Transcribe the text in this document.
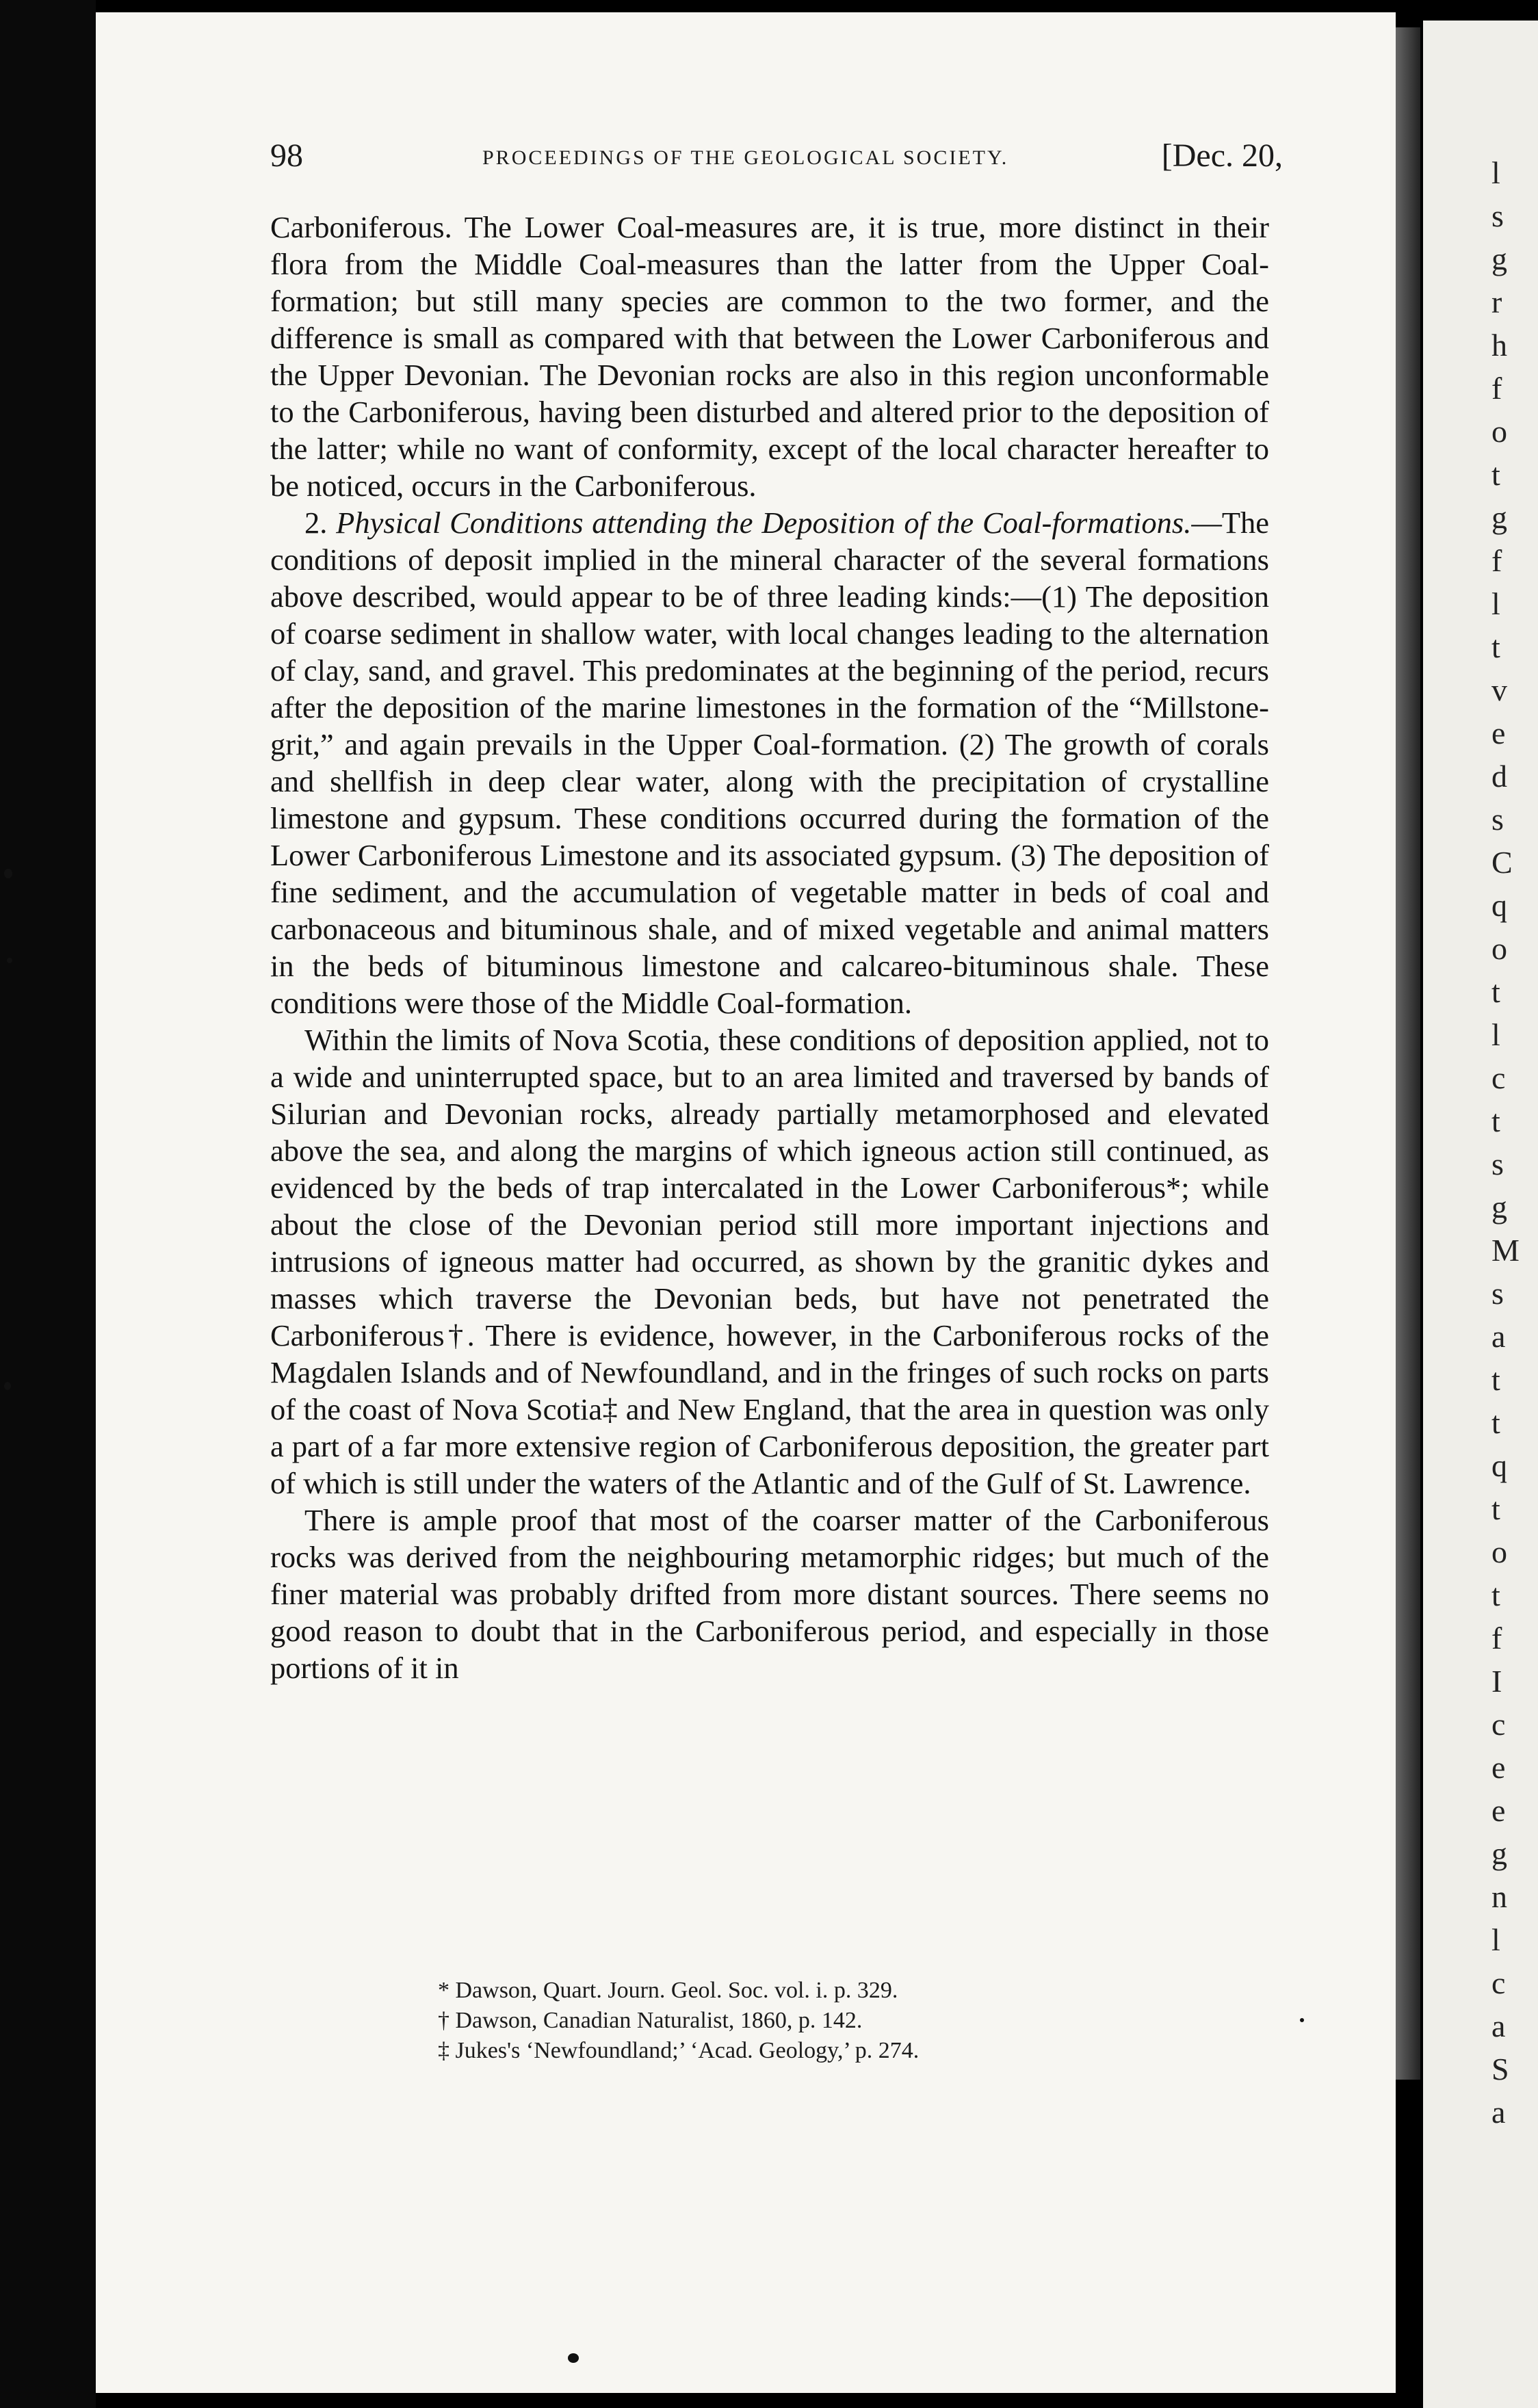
l
s
g
r
h
f
o
t
g
f
l
t
v
e
d
s
C
q
o
t
l
c
t
s
g
M
s
a
t
t
q
t
o
t
f
I
c
e
e
g
n
l
c
a
S
a
98	PROCEEDINGS OF THE GEOLOGICAL SOCIETY.	[Dec. 20,

Carboniferous. The Lower Coal-measures are, it is true, more distinct in their flora from the Middle Coal-measures than the latter from the Upper Coal-formation; but still many species are common to the two former, and the difference is small as compared with that between the Lower Carboniferous and the Upper Devonian. The Devonian rocks are also in this region unconformable to the Carboniferous, having been disturbed and altered prior to the deposition of the latter; while no want of conformity, except of the local character hereafter to be noticed, occurs in the Carboniferous.

2. Physical Conditions attending the Deposition of the Coal-formations.—The conditions of deposit implied in the mineral character of the several formations above described, would appear to be of three leading kinds:—(1) The deposition of coarse sediment in shallow water, with local changes leading to the alternation of clay, sand, and gravel. This predominates at the beginning of the period, recurs after the deposition of the marine limestones in the formation of the “Millstone-grit,” and again prevails in the Upper Coal-formation. (2) The growth of corals and shellfish in deep clear water, along with the precipitation of crystalline limestone and gypsum. These conditions occurred during the formation of the Lower Carboniferous Limestone and its associated gypsum. (3) The deposition of fine sediment, and the accumulation of vegetable matter in beds of coal and carbonaceous and bituminous shale, and of mixed vegetable and animal matters in the beds of bituminous limestone and calcareo-bituminous shale. These conditions were those of the Middle Coal-formation.

Within the limits of Nova Scotia, these conditions of deposition applied, not to a wide and uninterrupted space, but to an area limited and traversed by bands of Silurian and Devonian rocks, already partially metamorphosed and elevated above the sea, and along the margins of which igneous action still continued, as evidenced by the beds of trap intercalated in the Lower Carboniferous*; while about the close of the Devonian period still more important injections and intrusions of igneous matter had occurred, as shown by the granitic dykes and masses which traverse the Devonian beds, but have not penetrated the Carboniferous†. There is evidence, however, in the Carboniferous rocks of the Magdalen Islands and of Newfoundland, and in the fringes of such rocks on parts of the coast of Nova Scotia‡ and New England, that the area in question was only a part of a far more extensive region of Carboniferous deposition, the greater part of which is still under the waters of the Atlantic and of the Gulf of St. Lawrence.

There is ample proof that most of the coarser matter of the Carboniferous rocks was derived from the neighbouring metamorphic ridges; but much of the finer material was probably drifted from more distant sources. There seems no good reason to doubt that in the Carboniferous period, and especially in those portions of it in

* Dawson, Quart. Journ. Geol. Soc. vol. i. p. 329.

† Dawson, Canadian Naturalist, 1860, p. 142.

‡ Jukes's ‘Newfoundland;’ ‘Acad. Geology,’ p. 274.
